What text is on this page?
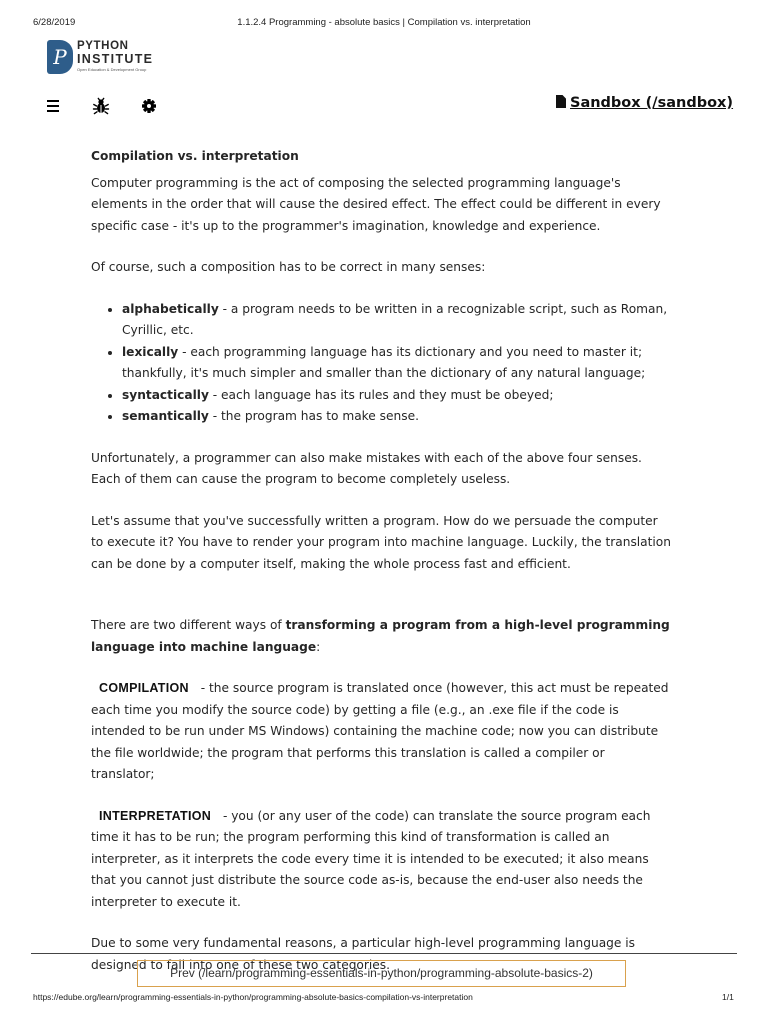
6/28/2019	1.1.2.4 Programming - absolute basics | Compilation vs. interpretation
P PYTHON
INSTITUTE
Open Education & Development Group
Sandbox (/sandbox)

Compilation vs. interpretation

Computer programming is the act of composing the selected programming language's elements in the order that will cause the desired effect. The effect could be different in every specific case - it's up to the programmer's imagination, knowledge and experience.

Of course, such a composition has to be correct in many senses:

• alphabetically - a program needs to be written in a recognizable script, such as Roman, Cyrillic, etc.
• lexically - each programming language has its dictionary and you need to master it; thankfully, it's much simpler and smaller than the dictionary of any natural language;
• syntactically - each language has its rules and they must be obeyed;
• semantically - the program has to make sense.

Unfortunately, a programmer can also make mistakes with each of the above four senses. Each of them can cause the program to become completely useless.

Let's assume that you've successfully written a program. How do we persuade the computer to execute it? You have to render your program into machine language. Luckily, the translation can be done by a computer itself, making the whole process fast and efficient.

There are two different ways of transforming a program from a high-level programming language into machine language:

COMPILATION - the source program is translated once (however, this act must be repeated each time you modify the source code) by getting a file (e.g., an .exe file if the code is intended to be run under MS Windows) containing the machine code; now you can distribute the file worldwide; the program that performs this translation is called a compiler or translator;

INTERPRETATION - you (or any user of the code) can translate the source program each time it has to be run; the program performing this kind of transformation is called an interpreter, as it interprets the code every time it is intended to be executed; it also means that you cannot just distribute the source code as-is, because the end-user also needs the interpreter to execute it.

Due to some very fundamental reasons, a particular high-level programming language is designed to fall into one of these two categories.

Prev (/learn/programming-essentials-in-python/programming-absolute-basics-2)
https://edube.org/learn/programming-essentials-in-python/programming-absolute-basics-compilation-vs-interpretation	1/1
